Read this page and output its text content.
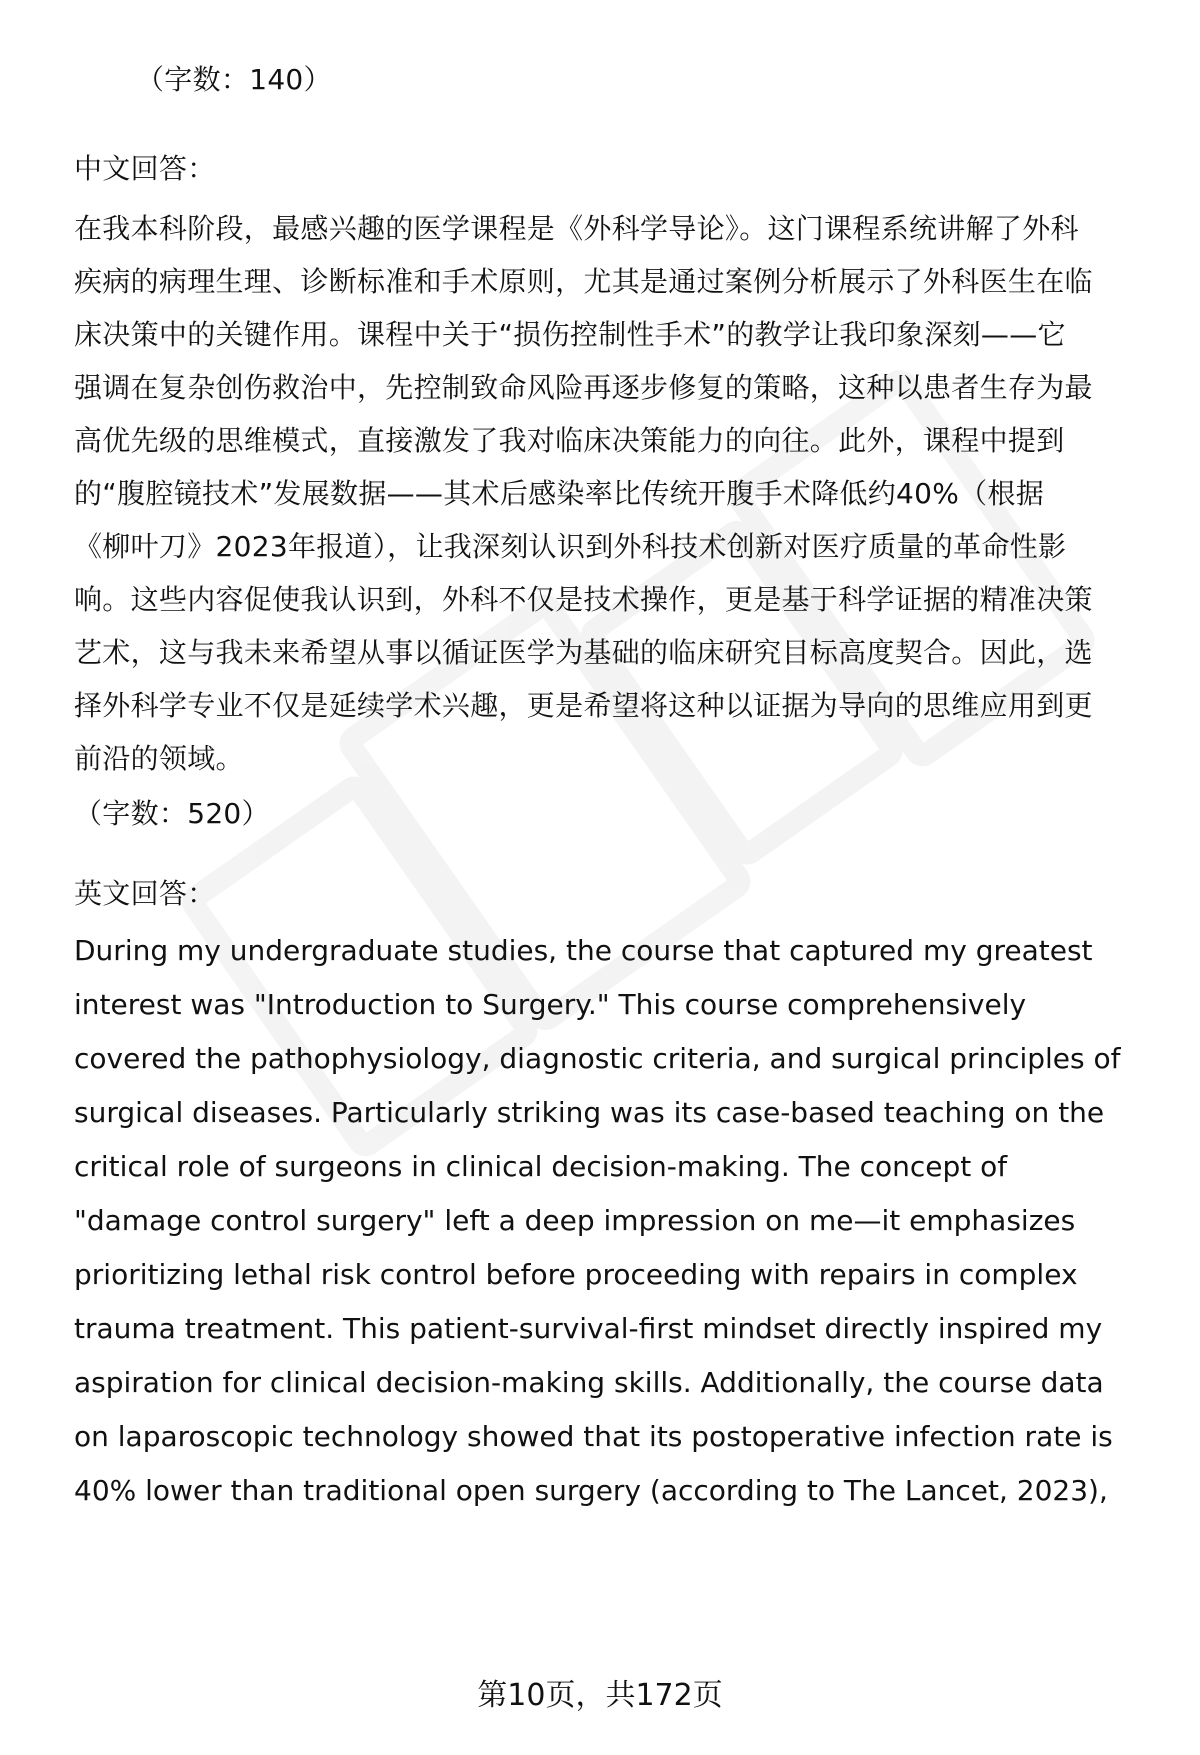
（字数：140）
中文回答：
在我本科阶段，最感兴趣的医学课程是《外科学导论》。这门课程系统讲解了外科
疾病的病理生理、诊断标准和手术原则，尤其是通过案例分析展示了外科医生在临
床决策中的关键作用。课程中关于“损伤控制性手术”的教学让我印象深刻——它
强调在复杂创伤救治中，先控制致命风险再逐步修复的策略，这种以患者生存为最
高优先级的思维模式，直接激发了我对临床决策能力的向往。此外，课程中提到
的“腹腔镜技术”发展数据——其术后感染率比传统开腹手术降低约40%（根据
《柳叶刀》2023年报道），让我深刻认识到外科技术创新对医疗质量的革命性影
响。这些内容促使我认识到，外科不仅是技术操作，更是基于科学证据的精准决策
艺术，这与我未来希望从事以循证医学为基础的临床研究目标高度契合。因此，选
择外科学专业不仅是延续学术兴趣，更是希望将这种以证据为导向的思维应用到更
前沿的领域。
（字数：520）
英文回答：
During my undergraduate studies, the course that captured my greatest
interest was "Introduction to Surgery." This course comprehensively
covered the pathophysiology, diagnostic criteria, and surgical principles of
surgical diseases. Particularly striking was its case-based teaching on the
critical role of surgeons in clinical decision-making. The concept of
"damage control surgery" left a deep impression on me—it emphasizes
prioritizing lethal risk control before proceeding with repairs in complex
trauma treatment. This patient-survival-first mindset directly inspired my
aspiration for clinical decision-making skills. Additionally, the course data
on laparoscopic technology showed that its postoperative infection rate is
40% lower than traditional open surgery (according to The Lancet, 2023),
第10页，共172页
